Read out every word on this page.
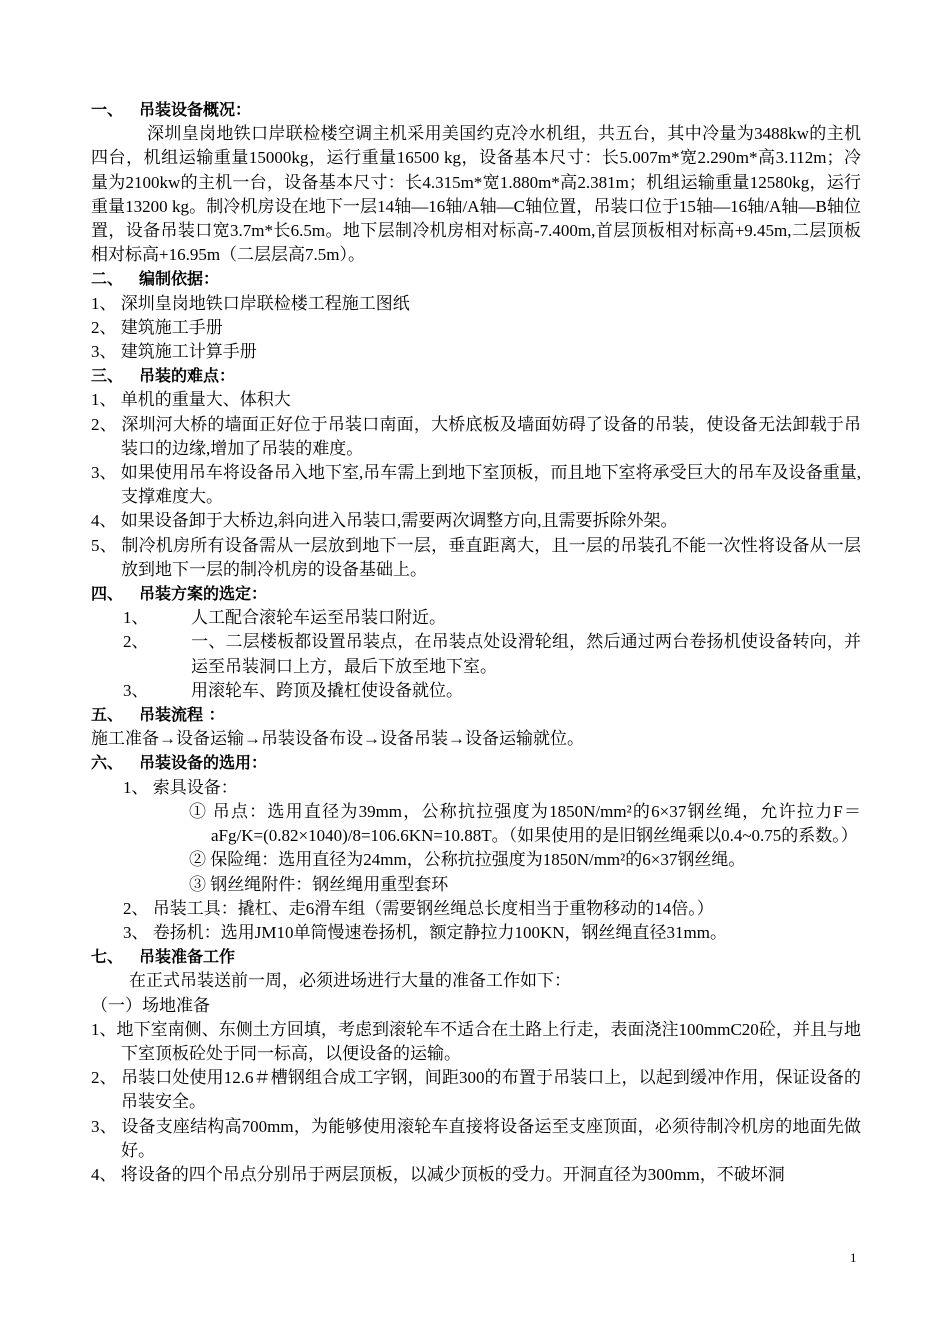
一、 吊装设备概况：
深圳皇岗地铁口岸联检楼空调主机采用美国约克冷水机组，共五台，其中冷量为3488kw的主机四台，机组运输重量15000kg，运行重量16500 kg，设备基本尺寸：长5.007m*宽2.290m*高3.112m；冷量为2100kw的主机一台，设备基本尺寸：长4.315m*宽1.880m*高2.381m；机组运输重量12580kg，运行重量13200 kg。制冷机房设在地下一层14轴—16轴/A轴—C轴位置，吊装口位于15轴—16轴/A轴—B轴位置，设备吊装口宽3.7m*长6.5m。地下层制冷机房相对标高-7.400m,首层顶板相对标高+9.45m,二层顶板相对标高+16.95m（二层层高7.5m）。
二、 编制依据：
1、 深圳皇岗地铁口岸联检楼工程施工图纸
2、 建筑施工手册
3、 建筑施工计算手册
三、 吊装的难点：
1、 单机的重量大、体积大
2、 深圳河大桥的墙面正好位于吊装口南面，大桥底板及墙面妨碍了设备的吊装，使设备无法卸载于吊装口的边缘,增加了吊装的难度。
3、 如果使用吊车将设备吊入地下室,吊车需上到地下室顶板，而且地下室将承受巨大的吊车及设备重量,支撑难度大。
4、 如果设备卸于大桥边,斜向进入吊装口,需要两次调整方向,且需要拆除外架。
5、 制冷机房所有设备需从一层放到地下一层，垂直距离大，且一层的吊装孔不能一次性将设备从一层放到地下一层的制冷机房的设备基础上。
四、 吊装方案的选定：
1、	人工配合滚轮车运至吊装口附近。
2、	一、二层楼板都设置吊装点，在吊装点处设滑轮组，然后通过两台卷扬机使设备转向，并运至吊装洞口上方，最后下放至地下室。
3、	用滚轮车、跨顶及撬杠使设备就位。
五、 吊装流程 ：
施工准备→设备运输→吊装设备布设→设备吊装→设备运输就位。
六、 吊装设备的选用：
1、 索具设备：
① 吊点：选用直径为39mm，公称抗拉强度为1850N/mm²的6×37钢丝绳，允许拉力F＝aFg/K=(0.82×1040)/8=106.6KN=10.88T。（如果使用的是旧钢丝绳乘以0.4~0.75的系数。）
② 保险绳：选用直径为24mm，公称抗拉强度为1850N/mm²的6×37钢丝绳。
③ 钢丝绳附件：钢丝绳用重型套环
2、 吊装工具：撬杠、走6滑车组（需要钢丝绳总长度相当于重物移动的14倍。）
3、 卷扬机：选用JM10单筒慢速卷扬机，额定静拉力100KN，钢丝绳直径31mm。
七、 吊装准备工作
在正式吊装送前一周，必须进场进行大量的准备工作如下：
（一）场地准备
1、地下室南侧、东侧土方回填，考虑到滚轮车不适合在土路上行走，表面浇注100mmC20砼，并且与地下室顶板砼处于同一标高，以便设备的运输。
2、 吊装口处使用12.6＃槽钢组合成工字钢，间距300的布置于吊装口上，以起到缓冲作用，保证设备的吊装安全。
3、 设备支座结构高700mm，为能够使用滚轮车直接将设备运至支座顶面，必须待制冷机房的地面先做好。
4、 将设备的四个吊点分别吊于两层顶板，以减少顶板的受力。开洞直径为300mm，不破坏洞
1
